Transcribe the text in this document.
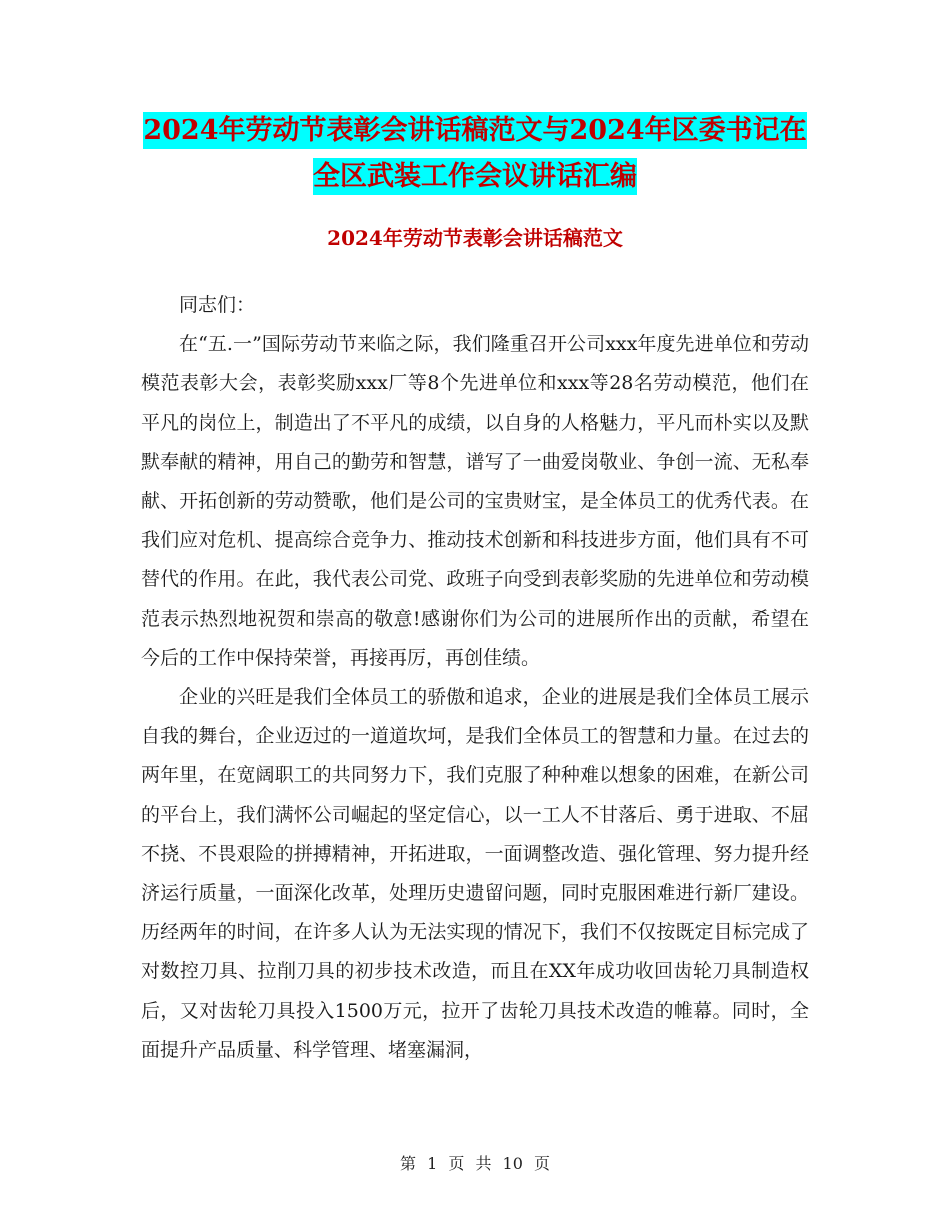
2024年劳动节表彰会讲话稿范文与2024年区委书记在
全区武装工作会议讲话汇编
2024年劳动节表彰会讲话稿范文

同志们：

在“五.一”国际劳动节来临之际，我们隆重召开公司xxx年度先进单位和劳动模范表彰大会，表彰奖励xxx厂等8个先进单位和xxx等28名劳动模范，他们在平凡的岗位上，制造出了不平凡的成绩，以自身的人格魅力，平凡而朴实以及默默奉献的精神，用自己的勤劳和智慧，谱写了一曲爱岗敬业、争创一流、无私奉献、开拓创新的劳动赞歌，他们是公司的宝贵财宝，是全体员工的优秀代表。在我们应对危机、提高综合竞争力、推动技术创新和科技进步方面，他们具有不可替代的作用。在此，我代表公司党、政班子向受到表彰奖励的先进单位和劳动模范表示热烈地祝贺和崇高的敬意!感谢你们为公司的进展所作出的贡献，希望在今后的工作中保持荣誉，再接再厉，再创佳绩。

企业的兴旺是我们全体员工的骄傲和追求，企业的进展是我们全体员工展示自我的舞台，企业迈过的一道道坎坷，是我们全体员工的智慧和力量。在过去的两年里，在宽阔职工的共同努力下，我们克服了种种难以想象的困难，在新公司的平台上，我们满怀公司崛起的坚定信心，以一工人不甘落后、勇于进取、不屈不挠、不畏艰险的拼搏精神，开拓进取，一面调整改造、强化管理、努力提升经济运行质量，一面深化改革，处理历史遗留问题，同时克服困难进行新厂建设。历经两年的时间，在许多人认为无法实现的情况下，我们不仅按既定目标完成了对数控刀具、拉削刀具的初步技术改造，而且在XX年成功收回齿轮刀具制造权后，又对齿轮刀具投入1500万元，拉开了齿轮刀具技术改造的帷幕。同时，全面提升产品质量、科学管理、堵塞漏洞，

第 1 页 共 10 页
